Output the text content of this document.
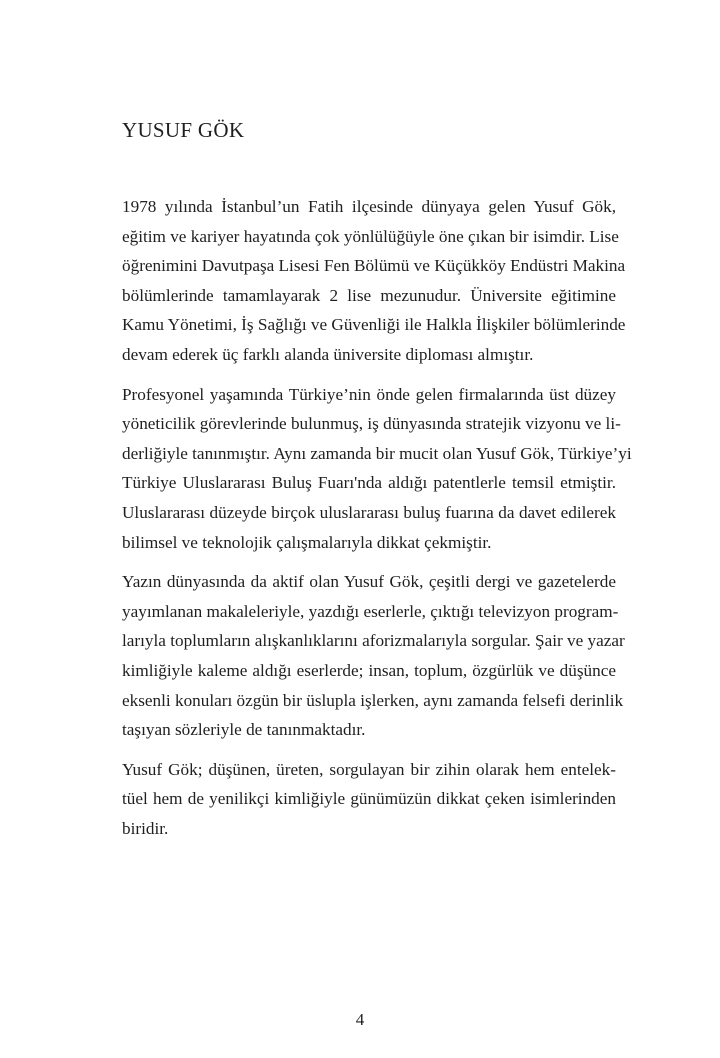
YUSUF GÖK

1978 yılında İstanbul’un Fatih ilçesinde dünyaya gelen Yusuf Gök,
eğitim ve kariyer hayatında çok yönlülüğüyle öne çıkan bir isimdir. Lise
öğrenimini Davutpaşa Lisesi Fen Bölümü ve Küçükköy Endüstri Makina
bölümlerinde tamamlayarak 2 lise mezunudur. Üniversite eğitimine
Kamu Yönetimi, İş Sağlığı ve Güvenliği ile Halkla İlişkiler bölümlerinde
devam ederek üç farklı alanda üniversite diploması almıştır.

Profesyonel yaşamında Türkiye’nin önde gelen firmalarında üst düzey
yöneticilik görevlerinde bulunmuş, iş dünyasında stratejik vizyonu ve li-
derliğiyle tanınmıştır. Aynı zamanda bir mucit olan Yusuf Gök, Türkiye’yi
Türkiye Uluslararası Buluş Fuarı'nda aldığı patentlerle temsil etmiştir.
Uluslararası düzeyde birçok uluslararası buluş fuarına da davet edilerek
bilimsel ve teknolojik çalışmalarıyla dikkat çekmiştir.

Yazın dünyasında da aktif olan Yusuf Gök, çeşitli dergi ve gazetelerde
yayımlanan makaleleriyle, yazdığı eserlerle, çıktığı televizyon program-
larıyla toplumların alışkanlıklarını aforizmalarıyla sorgular. Şair ve yazar
kimliğiyle kaleme aldığı eserlerde; insan, toplum, özgürlük ve düşünce
eksenli konuları özgün bir üslupla işlerken, aynı zamanda felsefi derinlik
taşıyan sözleriyle de tanınmaktadır.

Yusuf Gök; düşünen, üreten, sorgulayan bir zihin olarak hem entelek-
tüel hem de yenilikçi kimliğiyle günümüzün dikkat çeken isimlerinden
biridir.

4
